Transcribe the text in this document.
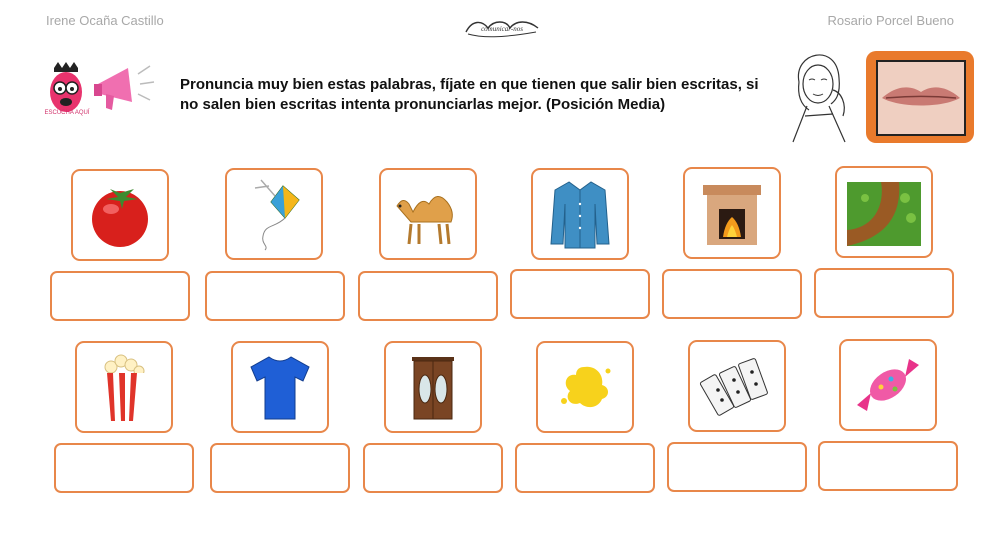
Irene Ocaña Castillo	Rosario Porcel Bueno
comunicar-nos
ESCUCHA AQUÍ
Pronuncia muy bien estas palabras, fíjate en que tienen que salir bien escritas, si no salen bien escritas intenta pronunciarlas mejor. (Posición Media)
